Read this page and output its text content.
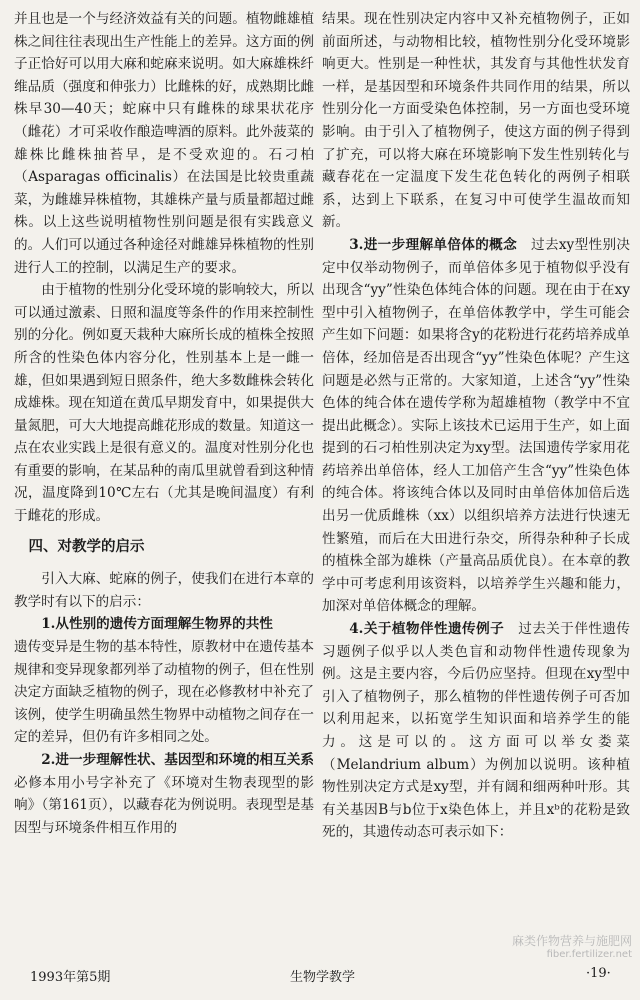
并且也是一个与经济效益有关的问题。植物雌雄植株之间往往表现出生产性能上的差异。这方面的例子正恰好可以用大麻和蛇麻来说明。如大麻雄株纤维品质（强度和伸张力）比雌株的好，成熟期比雌株早30—40天；蛇麻中只有雌株的球果状花序（雌花）才可采收作酿造啤酒的原料。此外菠菜的雄株比雌株抽苔早，是不受欢迎的。石刁柏（Asparagas officinalis）在法国是比较贵重蔬菜，为雌雄异株植物，其雄株产量与质量都超过雌株。以上这些说明植物性别问题是很有实践意义的。人们可以通过各种途径对雌雄异株植物的性别进行人工的控制，以满足生产的要求。

由于植物的性别分化受环境的影响较大，所以可以通过激素、日照和温度等条件的作用来控制性别的分化。例如夏天栽种大麻所长成的植株全按照所含的性染色体内容分化，性别基本上是一雌一雄，但如果遇到短日照条件，绝大多数雌株会转化成雄株。现在知道在黄瓜早期发育中，如果提供大量氮肥，可大大地提高雌花形成的数量。知道这一点在农业实践上是很有意义的。温度对性别分化也有重要的影响，在某品种的南瓜里就曾看到这种情况，温度降到10℃左右（尤其是晚间温度）有利于雌花的形成。

四、对教学的启示

引入大麻、蛇麻的例子，使我们在进行本章的教学时有以下的启示：

1.从性别的遗传方面理解生物界的共性

遗传变异是生物的基本特性，原教材中在遗传基本规律和变异现象都列举了动植物的例子，但在性别决定方面缺乏植物的例子，现在必修教材中补充了该例，使学生明确虽然生物界中动植物之间存在一定的差异，但仍有许多相同之处。

2.进一步理解性状、基因型和环境的相互关系　必修本用小号字补充了《环境对生物表现型的影响》（第161页），以藏春花为例说明。表现型是基因型与环境条件相互作用的

结果。现在性别决定内容中又补充植物例子，正如前面所述，与动物相比较，植物性别分化受环境影响更大。性别是一种性状，其发育与其他性状发育一样，是基因型和环境条件共同作用的结果，所以性别分化一方面受染色体控制，另一方面也受环境影响。由于引入了植物例子，使这方面的例子得到了扩充，可以将大麻在环境影响下发生性别转化与藏春花在一定温度下发生花色转化的两例子相联系，达到上下联系，在复习中可使学生温故而知新。

3.进一步理解单倍体的概念　 过去xy型性别决定中仅举动物例子，而单倍体多见于植物似乎没有出现含“yy”性染色体纯合体的问题。现在由于在xy型中引入植物例子，在单倍体教学中，学生可能会产生如下问题：如果将含y的花粉进行花药培养成单倍体，经加倍是否出现含“yy”性染色体呢？产生这问题是必然与正常的。大家知道，上述含“yy”性染色体的纯合体在遗传学称为超雄植物（教学中不宜提出此概念）。实际上该技术已运用于生产，如上面提到的石刁柏性别决定为xy型。法国遗传学家用花药培养出单倍体，经人工加倍产生含“yy”性染色体的纯合体。将该纯合体以及同时由单倍体加倍后选出另一优质雌株（xx）以组织培养方法进行快速无性繁殖，而后在大田进行杂交，所得杂种种子长成的植株全部为雄株（产量高品质优良）。在本章的教学中可考虑利用该资料，以培养学生兴趣和能力，加深对单倍体概念的理解。

4.关于植物伴性遗传例子　 过去关于伴性遗传习题例子似乎以人类色盲和动物伴性遗传现象为例。这是主要内容，今后仍应坚持。但现在xy型中引入了植物例子，那么植物的伴性遗传例子可否加以利用起来，以拓宽学生知识面和培养学生的能力。这是可以的。这方面可以举女娄菜（Melandrium album）为例加以说明。该种植物性别决定方式是xy型，并有阔和细两种叶形。其有关基因B与b位于x染色体上，并且xᵇ的花粉是致死的，其遗传动态可表示如下：

1993年第5期	生物学教学	·19·
麻类作物营养与施肥网
fiber.fertilizer.net
